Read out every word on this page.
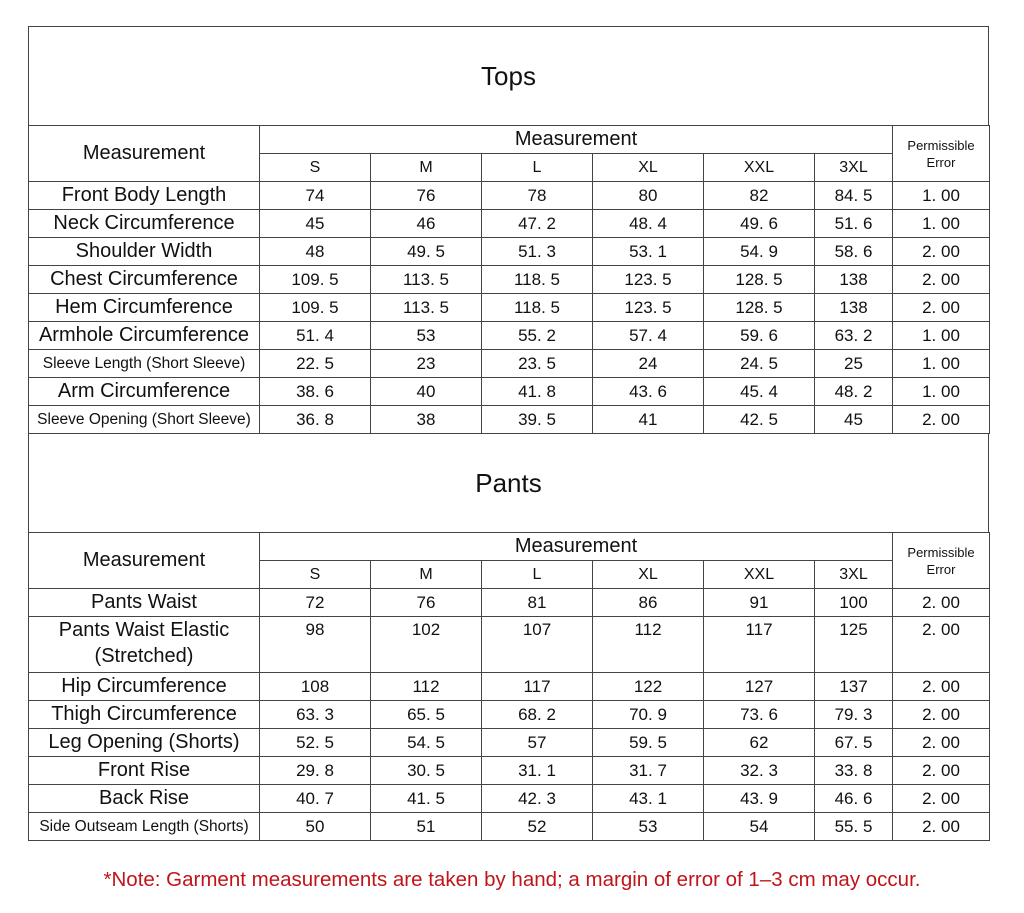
Tops
Measurement	Measurement						Permissible
Error
	S	M	L	XL	XXL	3XL	
Front Body Length	74	76	78	80	82	84. 5	1. 00
Neck Circumference	45	46	47. 2	48. 4	49. 6	51. 6	1. 00
Shoulder Width	48	49. 5	51. 3	53. 1	54. 9	58. 6	2. 00
Chest Circumference	109. 5	113. 5	118. 5	123. 5	128. 5	138	2. 00
Hem Circumference	109. 5	113. 5	118. 5	123. 5	128. 5	138	2. 00
Armhole Circumference	51. 4	53	55. 2	57. 4	59. 6	63. 2	1. 00
Sleeve Length (Short Sleeve)	22. 5	23	23. 5	24	24. 5	25	1. 00
Arm Circumference	38. 6	40	41. 8	43. 6	45. 4	48. 2	1. 00
Sleeve Opening (Short Sleeve)	36. 8	38	39. 5	41	42. 5	45	2. 00
Pants
Measurement	Measurement						Permissible
Error
	S	M	L	XL	XXL	3XL	
Pants Waist	72	76	81	86	91	100	2. 00
Pants Waist Elastic (Stretched)	98	102	107	112	117	125	2. 00
Hip Circumference	108	112	117	122	127	137	2. 00
Thigh Circumference	63. 3	65. 5	68. 2	70. 9	73. 6	79. 3	2. 00
Leg Opening (Shorts)	52. 5	54. 5	57	59. 5	62	67. 5	2. 00
Front Rise	29. 8	30. 5	31. 1	31. 7	32. 3	33. 8	2. 00
Back Rise	40. 7	41. 5	42. 3	43. 1	43. 9	46. 6	2. 00
Side Outseam Length (Shorts)	50	51	52	53	54	55. 5	2. 00
*Note: Garment measurements are taken by hand; a margin of error of 1–3 cm may occur.
